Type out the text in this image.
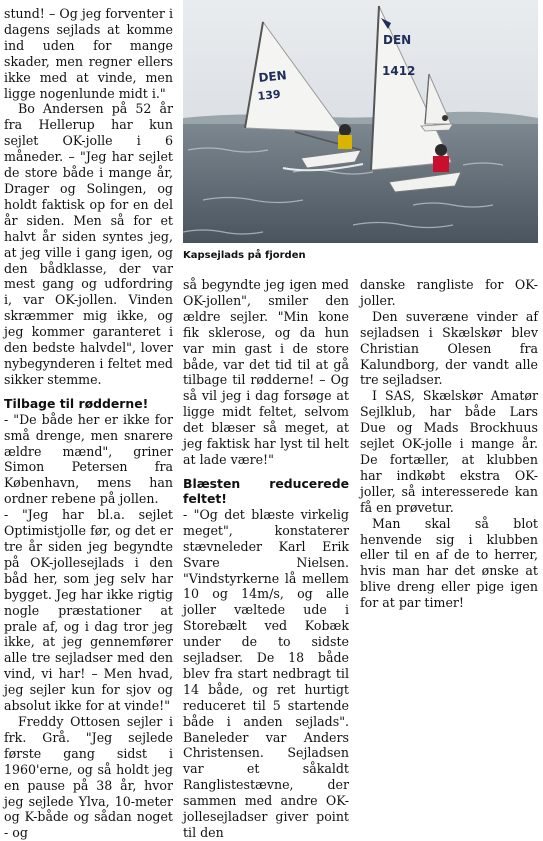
stund! – Og jeg forventer i dagens sejlads at komme ind uden for mange skader, men regner ellers ikke med at vinde, men ligge nogenlunde midt i."

Bo Andersen på 52 år fra Hellerup har kun sejlet OK-jolle i 6 måneder. – "Jeg har sejlet de store både i mange år, Drager og Solingen, og holdt faktisk op for en del år siden. Men så for et halvt år siden syntes jeg, at jeg ville i gang igen, og den bådklasse, der var mest gang og udfordring i, var OK-jollen. Vinden skræmmer mig ikke, og jeg kommer garanteret i den bedste halvdel", lover nybegynderen i feltet med sikker stemme.

Tilbage til rødderne!

- "De både her er ikke for små drenge, men snarere ældre mænd", griner Simon Petersen fra København, mens han ordner rebene på jollen.

- "Jeg har bl.a. sejlet Optimistjolle før, og det er tre år siden jeg begyndte på OK-jollesejlads i den båd her, som jeg selv har bygget. Jeg har ikke rigtig nogle præstationer at prale af, og i dag tror jeg ikke, at jeg gennemfører alle tre sejladser med den vind, vi har! – Men hvad, jeg sejler kun for sjov og absolut ikke for at vinde!"

Freddy Ottosen sejler i frk. Grå. "Jeg sejlede første gang sidst i 1960'erne, og så holdt jeg en pause på 38 år, hvor jeg sejlede Ylva, 10-meter og K-både og sådan noget - og

DEN
139
DEN
1412
Kapsejlads på fjorden

så begyndte jeg igen med OK-jollen", smiler den ældre sejler. "Min kone fik sklerose, og da hun var min gast i de store både, var det tid til at gå tilbage til rødderne! – Og så vil jeg i dag forsøge at ligge midt feltet, selvom det blæser så meget, at jeg faktisk har lyst til helt at lade være!"

Blæsten reducerede feltet!

- "Og det blæste virkelig meget", konstaterer stævneleder Karl Erik Svare Nielsen. "Vindstyrkerne lå mellem 10 og 14m/s, og alle joller væltede ude i Storebælt ved Kobæk under de to sidste sejladser. De 18 både blev fra start nedbragt til 14 både, og ret hurtigt reduceret til 5 startende både i anden sejlads". Baneleder var Anders Christensen. Sejladsen var et såkaldt Ranglistestævne, der sammen med andre OK-jollesejladser giver point til den

danske rangliste for OK-joller.

Den suveræne vinder af sejladsen i Skælskør blev Christian Olesen fra Kalundborg, der vandt alle tre sejladser.

I SAS, Skælskør Amatør Sejlklub, har både Lars Due og Mads Brockhuus sejlet OK-jolle i mange år. De fortæller, at klubben har indkøbt ekstra OK-joller, så interesserede kan få en prøvetur.

Man skal så blot henvende sig i klubben eller til en af de to herrer, hvis man har det ønske at blive dreng eller pige igen for at par timer!
